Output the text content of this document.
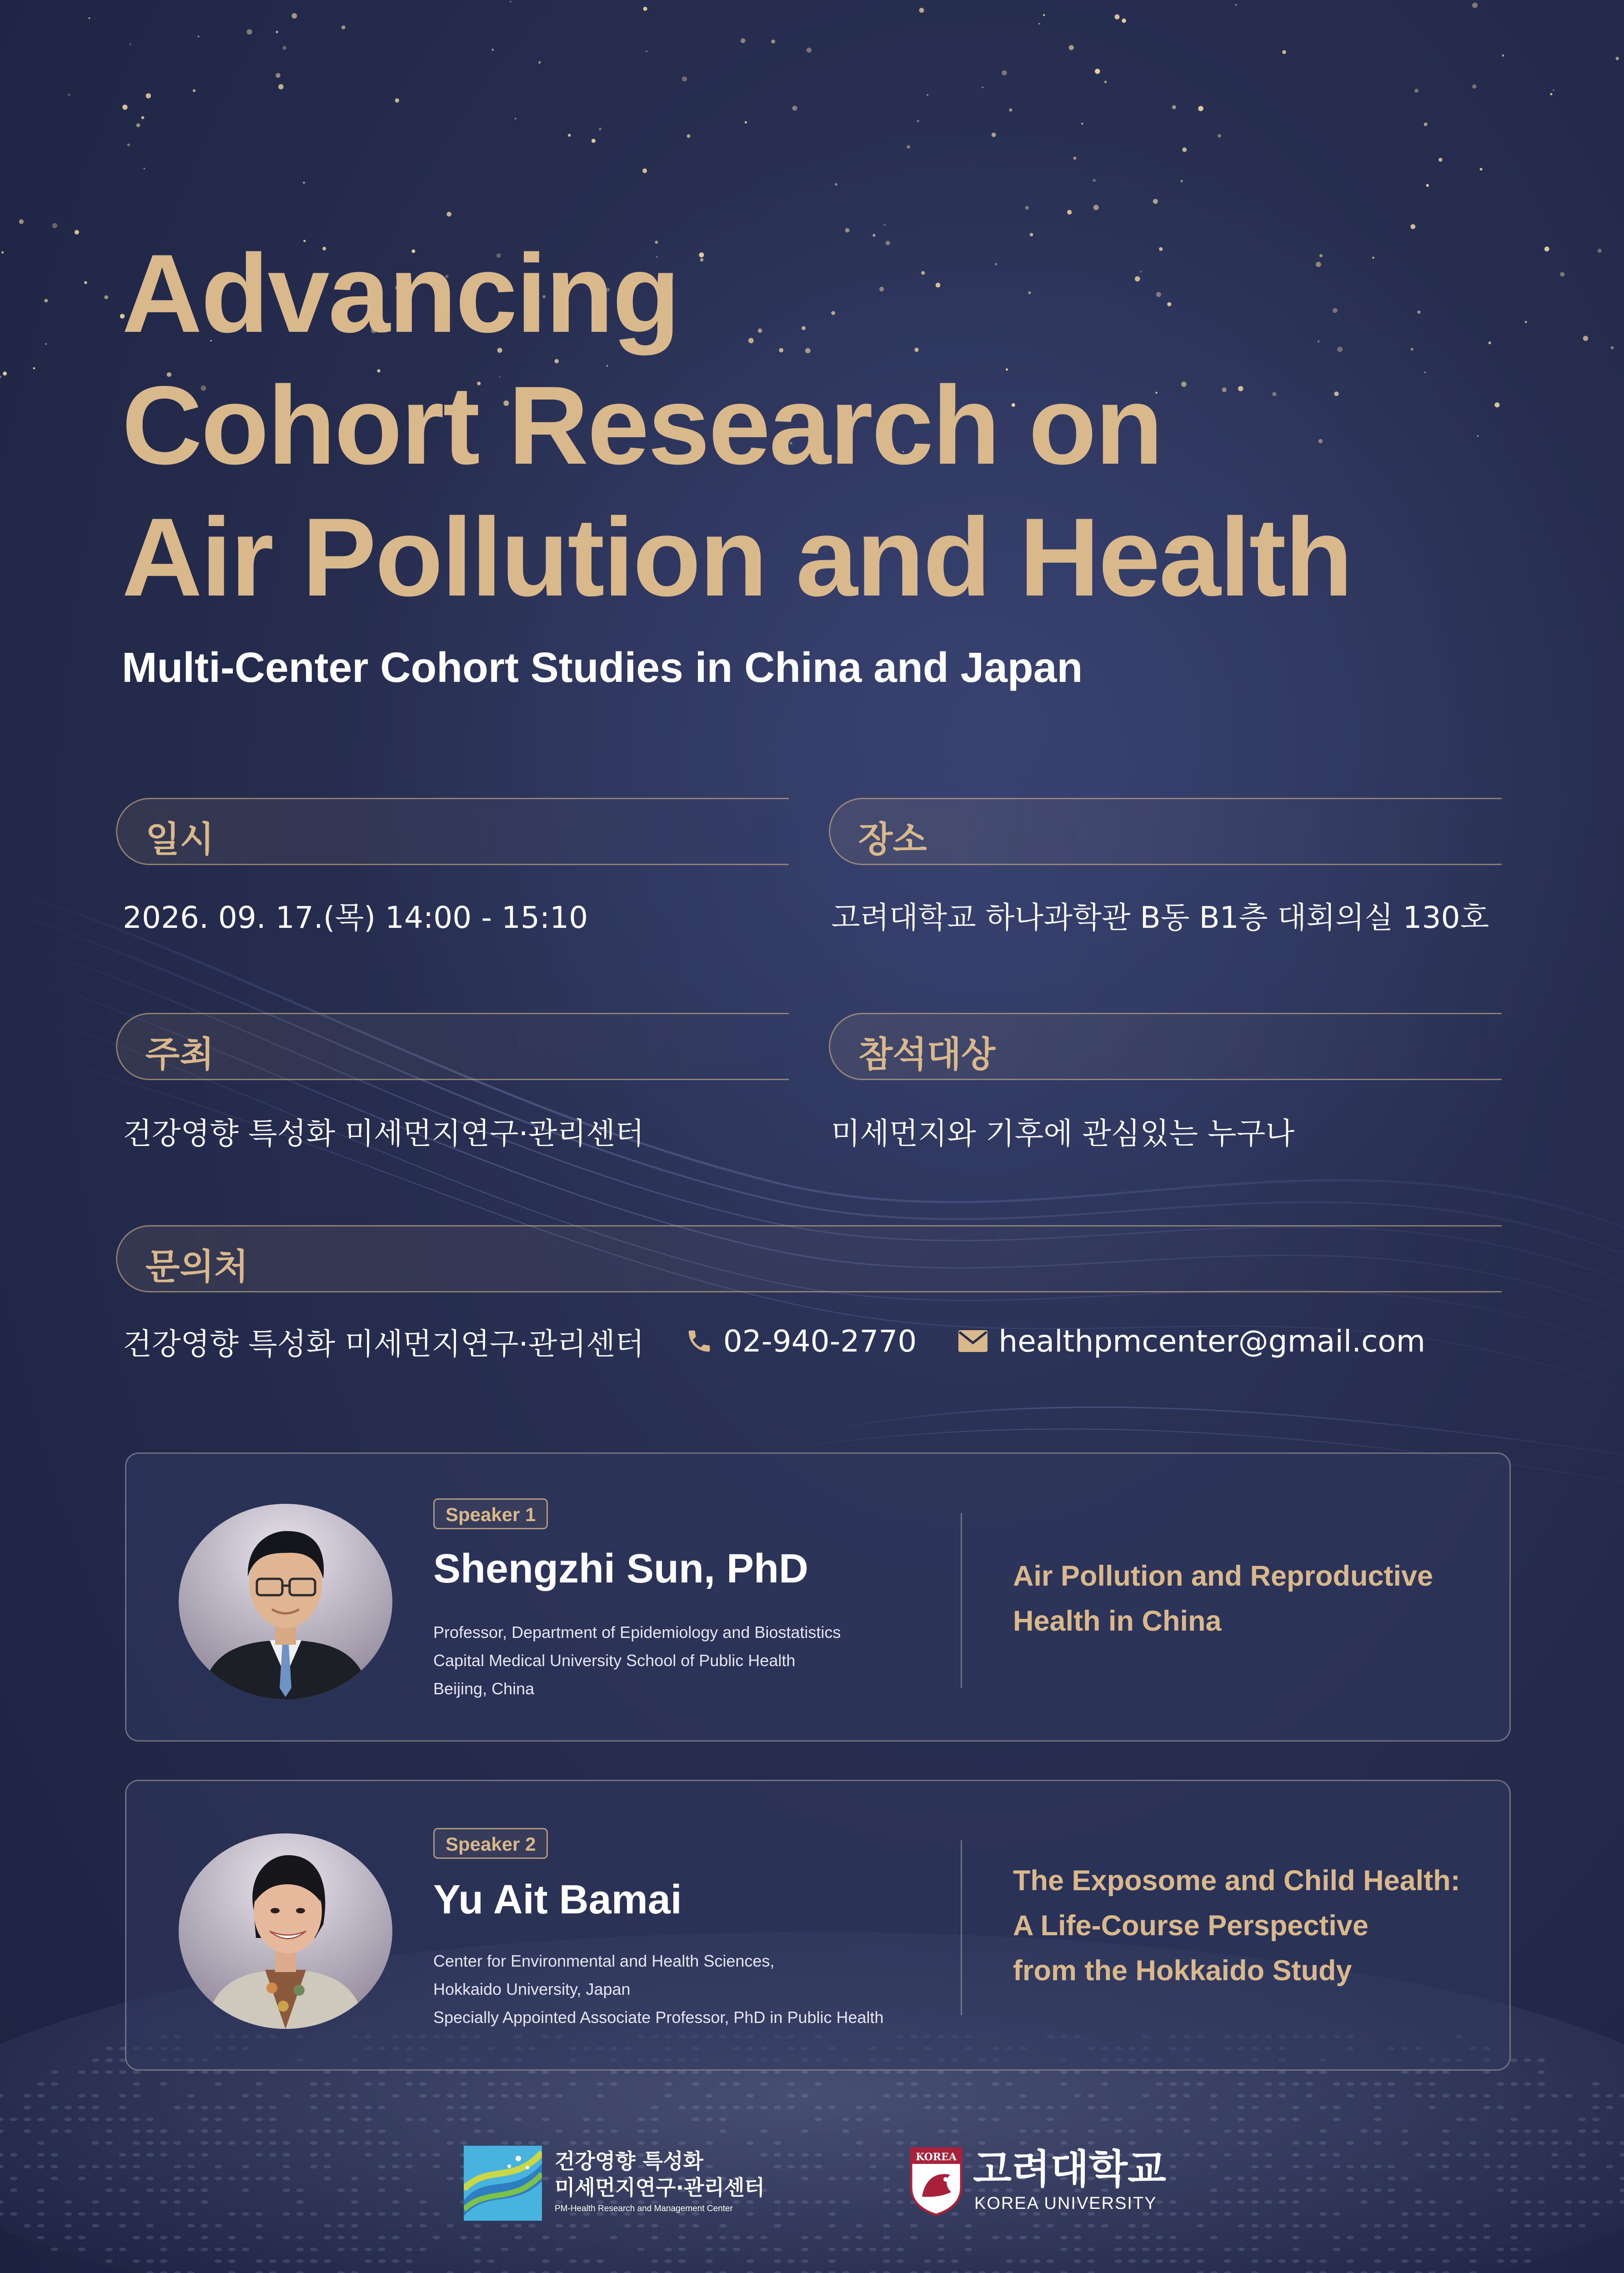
Advancing
Cohort Research on
Air Pollution and Health
Multi-Center Cohort Studies in China and Japan
일시
2026. 09. 17.(목) 14:00 - 15:10
장소
고려대학교 하나과학관 B동 B1층 대회의실 130호
주최
건강영향 특성화 미세먼지연구·관리센터
참석대상
미세먼지와 기후에 관심있는 누구나
문의처
건강영향 특성화 미세먼지연구·관리센터	02-940-2770	healthpmcenter@gmail.com
Speaker 1
Shengzhi Sun, PhD
Professor, Department of Epidemiology and Biostatistics
Capital Medical University School of Public Health
Beijing, China
Air Pollution and Reproductive
Health in China
Speaker 2
Yu Ait Bamai
Center for Environmental and Health Sciences,
Hokkaido University, Japan
Specially Appointed Associate Professor, PhD in Public Health
The Exposome and Child Health:
A Life-Course Perspective
from the Hokkaido Study
건강영향 특성화
미세먼지연구·관리센터
PM-Health Research and Management Center
KOREA 고려대학교
KOREA UNIVERSITY
